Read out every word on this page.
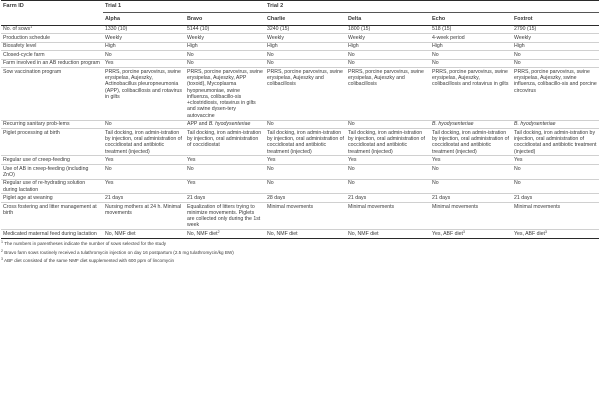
Farm ID	Trial 1		Trial 2			
	Alpha	Bravo	Charlie	Delta	Echo	Foxtrot
No. of sows$^1$	1330 (10)	5144 (10)	3240 (15)	1800 (15)	518 (15)	2790 (15)
Production schedule	Weekly	Weekly	Weekly	Weekly	4-week period	Weekly
Biosafety level	High	High	High	High	High	High
Closed-cycle farm	No	No	No	No	No	No
Farm involved in an AB reduction program	Yes	No	No	No	No	No
Sow vaccination program	PRRS, porcine parvovirus, swine erysipelas, Aujeszky, Actinobacillus pleuropneumonia (APP), colibacillosis and rotavirus in gilts	PRRS, porcine parvovirus, swine erysipelas, Aujeszky, APP (toxoid), Mycoplasma hyopneumoniae, swine influenza, colibacillo-sis +clostridiosis, rotavirus in gilts and swine dysen-tery autovaccine	PRRS, porcine parvovirus, swine erysipelas, Aujeszky and colibacillosis	PRRS, porcine parvovirus, swine erysipelas, Aujeszky and colibacillosis	PRRS, porcine parvovirus, swine erysipelas, Aujeszky, colibacillosis and rotavirus in gilts	PRRS, porcine parvovirus, swine erysipelas, Aujeszky, swine influenza, colibacillo-sis and porcine circovirus
Recurring sanitary prob-lems	No	APP and B. hyodysenteriae	No	No	B. hyodysenteriae	B. hyodysenteriae
Piglet processing at birth	Tail docking, iron admin-istration by injection, oral administration of coccidiostat and antibiotic treatment (injected)	Tail docking, iron admin-istration by injection, oral administration of coccidiostat	Tail docking, iron admin-istration by injection, oral administration of coccidiostat and antibiotic treatment (injected)	Tail docking, iron admin-istration by injection, oral administration of coccidiostat and antibiotic treatment (injected)	Tail docking, iron admin-istration by injection, oral administration of coccidiostat and antibiotic treatment (injected)	Tail docking, iron admin-istration by injection, oral administration of coccidiostat and antibiotic treatment (injected)
Regular use of creep-feeding	Yes	Yes	Yes	Yes	Yes	Yes
Use of AB in creep-feeding (including ZnO)	No	No	No	No	No	No
Regular use of re-hydrating solution during lactation	Yes	Yes	No	No	No	No
Piglet age at weaning	21 days	21 days	28 days	21 days	21 days	21 days
Cross fostering and litter management at birth	Nursing mothers at 24 h. Minimal movements	Equalization of litters trying to minimize movements. Piglets are collected only during the 1st week	Minimal movements	Minimal movements	Minimal movements	Minimal movements
Medicated maternal feed during lactation	No, NMF diet	No, NMF diet$^2$	No, NMF diet	No, NMF diet	Yes, ABF diet$^3$	Yes, ABF diet$^3$
$^1$ The numbers in parentheses indicate the number of sows selected for the study
$^2$ Bravo farm sows routinely received a tulathromycin injection on day 16 postpartum (2.5 mg tulathromycin/kg BW)
$^3$ ABF diet consisted of the same NMF diet supplemented with 600 ppm of lincomycin
